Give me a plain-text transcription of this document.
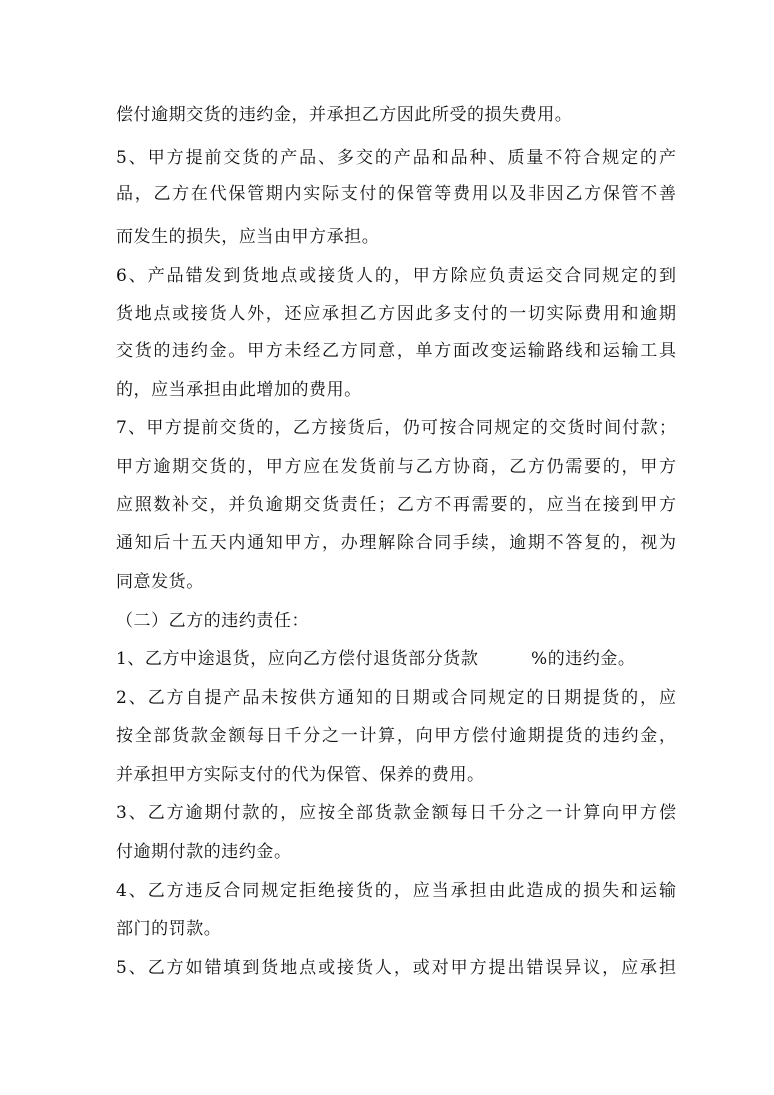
偿付逾期交货的违约金，并承担乙方因此所受的损失费用。
5、甲方提前交货的产品、多交的产品和品种、质量不符合规定的产
品，乙方在代保管期内实际支付的保管等费用以及非因乙方保管不善
而发生的损失，应当由甲方承担。
6、产品错发到货地点或接货人的，甲方除应负责运交合同规定的到
货地点或接货人外，还应承担乙方因此多支付的一切实际费用和逾期
交货的违约金。甲方未经乙方同意，单方面改变运输路线和运输工具
的，应当承担由此增加的费用。
7、甲方提前交货的，乙方接货后，仍可按合同规定的交货时间付款；
甲方逾期交货的，甲方应在发货前与乙方协商，乙方仍需要的，甲方
应照数补交，并负逾期交货责任；乙方不再需要的，应当在接到甲方
通知后十五天内通知甲方，办理解除合同手续，逾期不答复的，视为
同意发货。
（二）乙方的违约责任：
1、乙方中途退货，应向乙方偿付退货部分货款　　　%的违约金。
2、乙方自提产品未按供方通知的日期或合同规定的日期提货的，应
按全部货款金额每日千分之一计算，向甲方偿付逾期提货的违约金，
并承担甲方实际支付的代为保管、保养的费用。
3、乙方逾期付款的，应按全部货款金额每日千分之一计算向甲方偿
付逾期付款的违约金。
4、乙方违反合同规定拒绝接货的，应当承担由此造成的损失和运输
部门的罚款。
5、乙方如错填到货地点或接货人，或对甲方提出错误异议，应承担
